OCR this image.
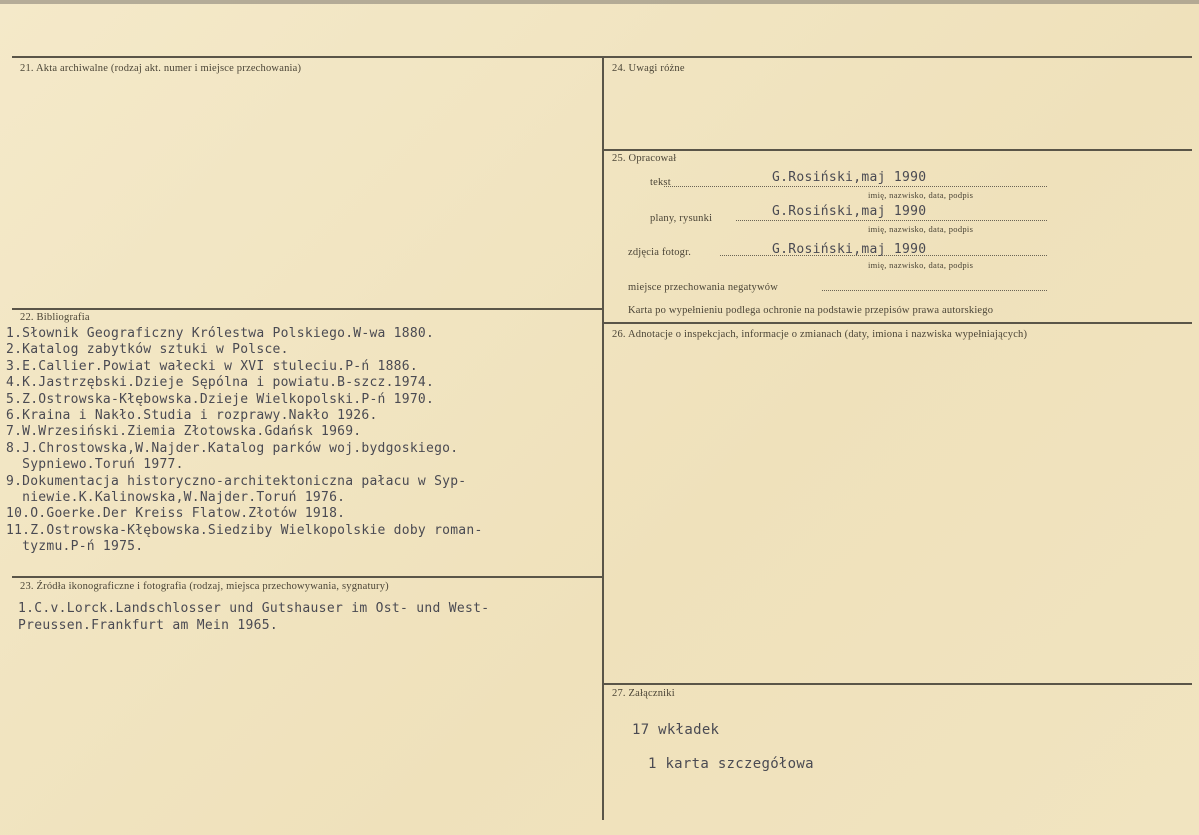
21. Akta archiwalne (rodzaj akt. numer i miejsce przechowania)
22. Bibliografia
1.Słownik Geograficzny Królestwa Polskiego.W-wa 1880.
2.Katalog zabytków sztuki w Polsce.
3.E.Callier.Powiat wałecki w XVI stuleciu.P-ń 1886.
4.K.Jastrzębski.Dzieje Sępólna i powiatu.B-szcz.1974.
5.Z.Ostrowska-Kłębowska.Dzieje Wielkopolski.P-ń 1970.
6.Kraina i Nakło.Studia i rozprawy.Nakło 1926.
7.W.Wrzesiński.Ziemia Złotowska.Gdańsk 1969.
8.J.Chrostowska,W.Najder.Katalog parków woj.bydgoskiego.
Sypniewo.Toruń 1977.
9.Dokumentacja historyczno-architektoniczna pałacu w Syp-
niewie.K.Kalinowska,W.Najder.Toruń 1976.
10.O.Goerke.Der Kreiss Flatow.Złotów 1918.
11.Z.Ostrowska-Kłębowska.Siedziby Wielkopolskie doby roman-
tyzmu.P-ń 1975.
23. Źródła ikonograficzne i fotografia (rodzaj, miejsca przechowywania, sygnatury)
1.C.v.Lorck.Landschlosser und Gutshauser im Ost- und West-
Preussen.Frankfurt am Mein 1965.
24. Uwagi różne
25. Opracował
tekst	G.Rosiński,maj 1990
imię, nazwisko, data, podpis
plany, rysunki	G.Rosiński,maj 1990
imię, nazwisko, data, podpis
zdjęcia fotogr.	G.Rosiński,maj 1990
imię, nazwisko, data, podpis
miejsce przechowania negatywów
Karta po wypełnieniu podlega ochronie na podstawie przepisów prawa autorskiego
26. Adnotacje o inspekcjach, informacje o zmianach (daty, imiona i nazwiska wypełniających)
27. Załączniki
17 wkładek
1 karta szczegółowa
